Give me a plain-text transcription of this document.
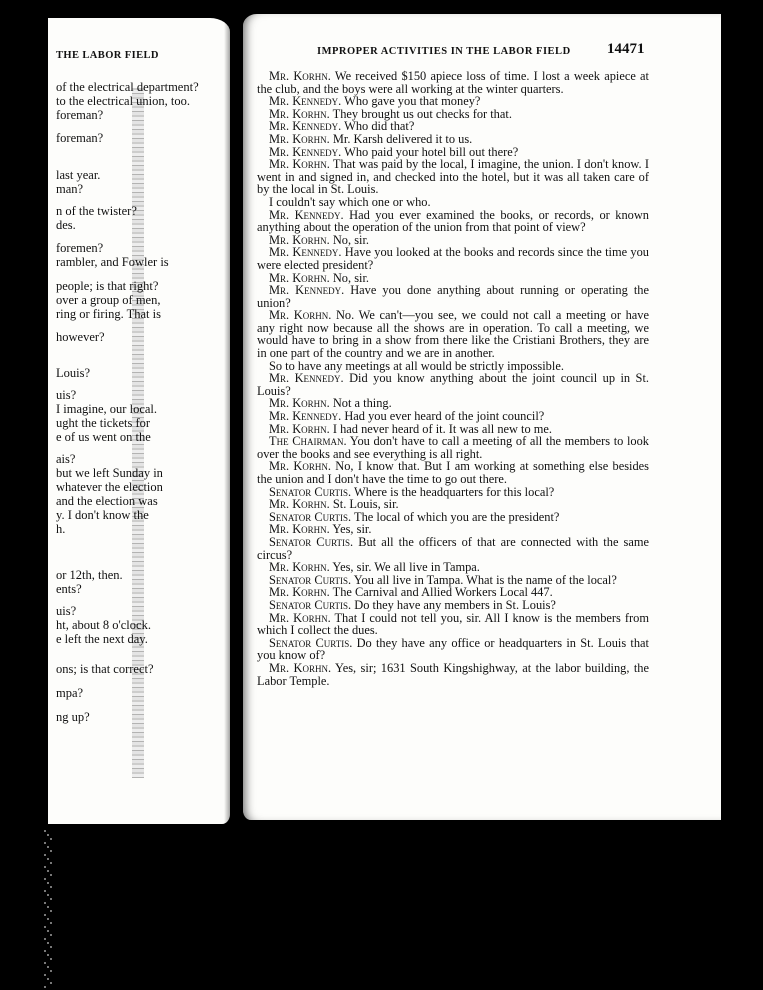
THE LABOR FIELD
of the electrical department?
to the electrical union, too.
foreman?
foreman?
last year.
man?
n of the twister?
des.
foremen?
rambler, and Fowler is
people; is that right?
over a group of men,
ring or firing. That is
however?
Louis?
uis?
I imagine, our local.
ught the tickets for
e of us went on the
ais?
but we left Sunday in
whatever the election
and the election was
y. I don't know the
h.
or 12th, then.
ents?
uis?
ht, about 8 o'clock.
e left the next day.
ons; is that correct?
mpa?
ng up?
IMPROPER ACTIVITIES IN THE LABOR FIELD	14471

Mr. Korhn. We received $150 apiece loss of time. I lost a week apiece at the club, and the boys were all working at the winter quarters.

Mr. Kennedy. Who gave you that money?

Mr. Korhn. They brought us out checks for that.

Mr. Kennedy. Who did that?

Mr. Korhn. Mr. Karsh delivered it to us.

Mr. Kennedy. Who paid your hotel bill out there?

Mr. Korhn. That was paid by the local, I imagine, the union. I don't know. I went in and signed in, and checked into the hotel, but it was all taken care of by the local in St. Louis.

I couldn't say which one or who.

Mr. Kennedy. Had you ever examined the books, or records, or known anything about the operation of the union from that point of view?

Mr. Korhn. No, sir.

Mr. Kennedy. Have you looked at the books and records since the time you were elected president?

Mr. Korhn. No, sir.

Mr. Kennedy. Have you done anything about running or operating the union?

Mr. Korhn. No. We can't—you see, we could not call a meeting or have any right now because all the shows are in operation. To call a meeting, we would have to bring in a show from there like the Cristiani Brothers, they are in one part of the country and we are in another.

So to have any meetings at all would be strictly impossible.

Mr. Kennedy. Did you know anything about the joint council up in St. Louis?

Mr. Korhn. Not a thing.

Mr. Kennedy. Had you ever heard of the joint council?

Mr. Korhn. I had never heard of it. It was all new to me.

The Chairman. You don't have to call a meeting of all the members to look over the books and see everything is all right.

Mr. Korhn. No, I know that. But I am working at something else besides the union and I don't have the time to go out there.

Senator Curtis. Where is the headquarters for this local?

Mr. Korhn. St. Louis, sir.

Senator Curtis. The local of which you are the president?

Mr. Korhn. Yes, sir.

Senator Curtis. But all the officers of that are connected with the same circus?

Mr. Korhn. Yes, sir. We all live in Tampa.

Senator Curtis. You all live in Tampa. What is the name of the local?

Mr. Korhn. The Carnival and Allied Workers Local 447.

Senator Curtis. Do they have any members in St. Louis?

Mr. Korhn. That I could not tell you, sir. All I know is the members from which I collect the dues.

Senator Curtis. Do they have any office or headquarters in St. Louis that you know of?

Mr. Korhn. Yes, sir; 1631 South Kingshighway, at the labor building, the Labor Temple.
